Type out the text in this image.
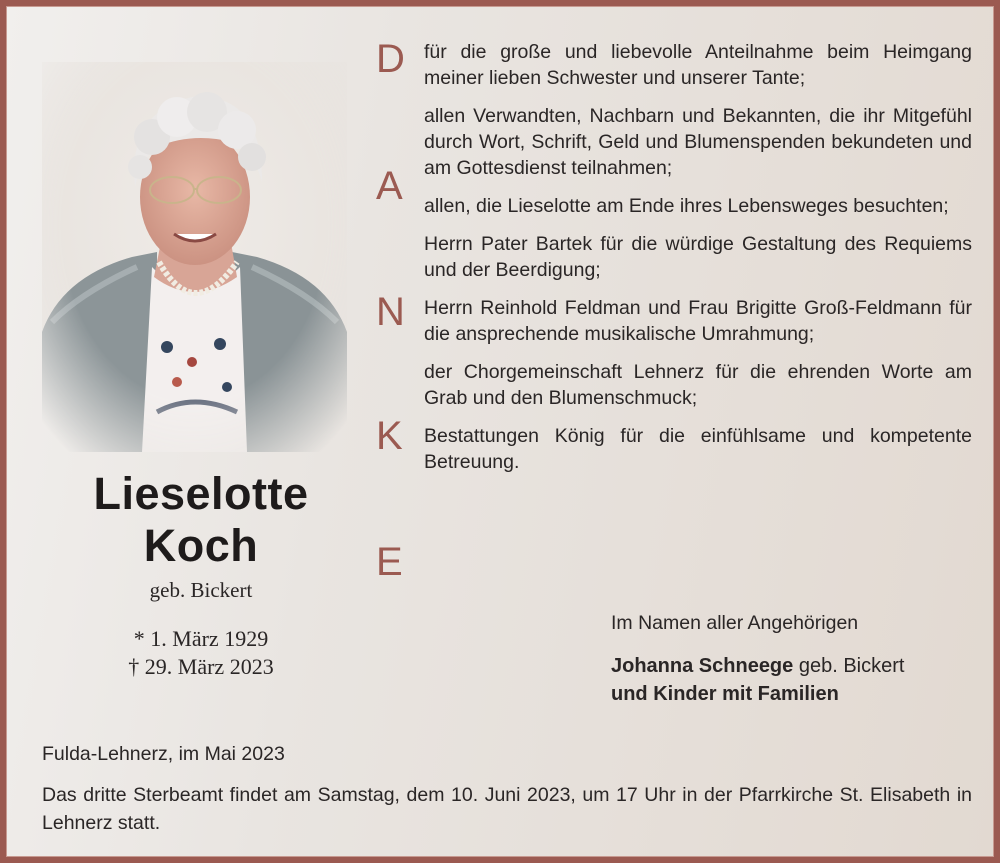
Lieselotte
Koch
geb. Bickert
* 1. März 1929
† 29. März 2023
D
A
N
K
E

für die große und liebevolle Anteilnahme beim Heimgang meiner lieben Schwester und unserer Tante;

allen Verwandten, Nachbarn und Bekannten, die ihr Mitgefühl durch Wort, Schrift, Geld und Blumenspenden bekundeten und am Gottesdienst teilnahmen;

allen, die Lieselotte am Ende ihres Lebensweges besuchten;

Herrn Pater Bartek für die würdige Gestaltung des Requiems und der Beerdigung;

Herrn Reinhold Feldman und Frau Brigitte Groß-Feldmann für die ansprechende musikalische Umrahmung;

der Chorgemeinschaft Lehnerz für die ehrenden Worte am Grab und den Blumenschmuck;

Bestattungen König für die einfühlsame und kompetente Betreuung.

Im Namen aller Angehörigen
Johanna Schneege geb. Bickert
und Kinder mit Familien
Fulda-Lehnerz, im Mai 2023
Das dritte Sterbeamt findet am Samstag, dem 10. Juni 2023, um 17 Uhr in der Pfarrkirche St. Elisabeth in Lehnerz statt.
